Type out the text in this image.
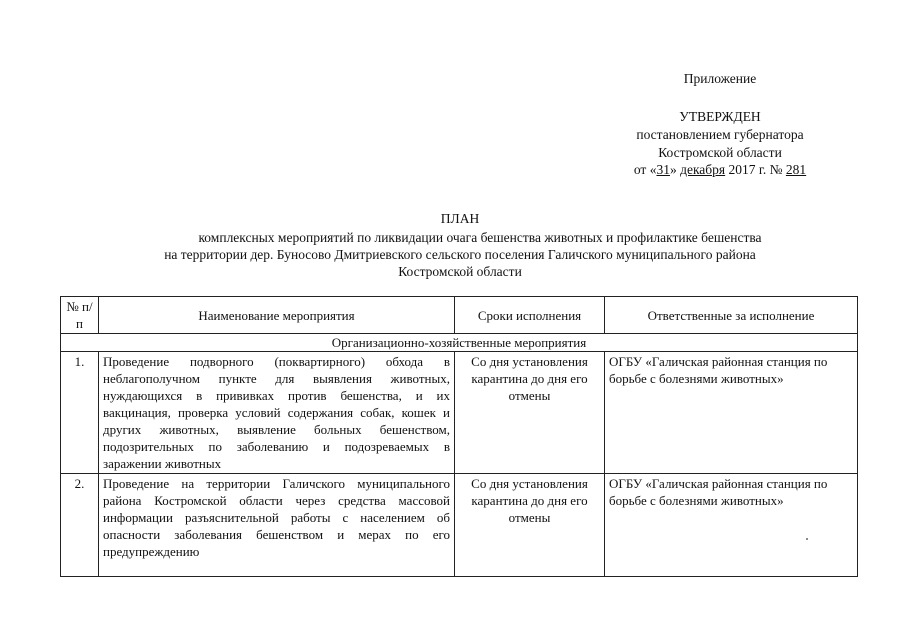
Приложение

УТВЕРЖДЕН

постановлением губернатора

Костромской области

от «31» декабря 2017 г. № 281

ПЛАН

комплексных мероприятий по ликвидации очага бешенства животных и профилактике бешенства

на территории дер. Буносово Дмитриевского сельского поселения Галичского муниципального района

Костромской области

№ п/п	Наименование мероприятия	Сроки исполнения	Ответственные за исполнение
Организационно-хозяйственные мероприятия			
1.	Проведение подворного (поквартирного) обхода в неблагополучном пункте для выявления животных, нуждающихся в прививках против бешенства, и их вакцинация, проверка условий содержания собак, кошек и других животных, выявление больных бешенством, подозрительных по заболеванию и подозреваемых в заражении животных	Со дня установления карантина до дня его отмены	ОГБУ «Галичская районная станция по борьбе с болезнями животных»
2.	Проведение на территории Галичского муниципального района Костромской области через средства массовой информации разъяснительной работы с населением об опасности заболевания бешенством и мерах по его предупреждению	Со дня установления карантина до дня его отмены	ОГБУ «Галичская районная станция по борьбе с болезнями животных»
